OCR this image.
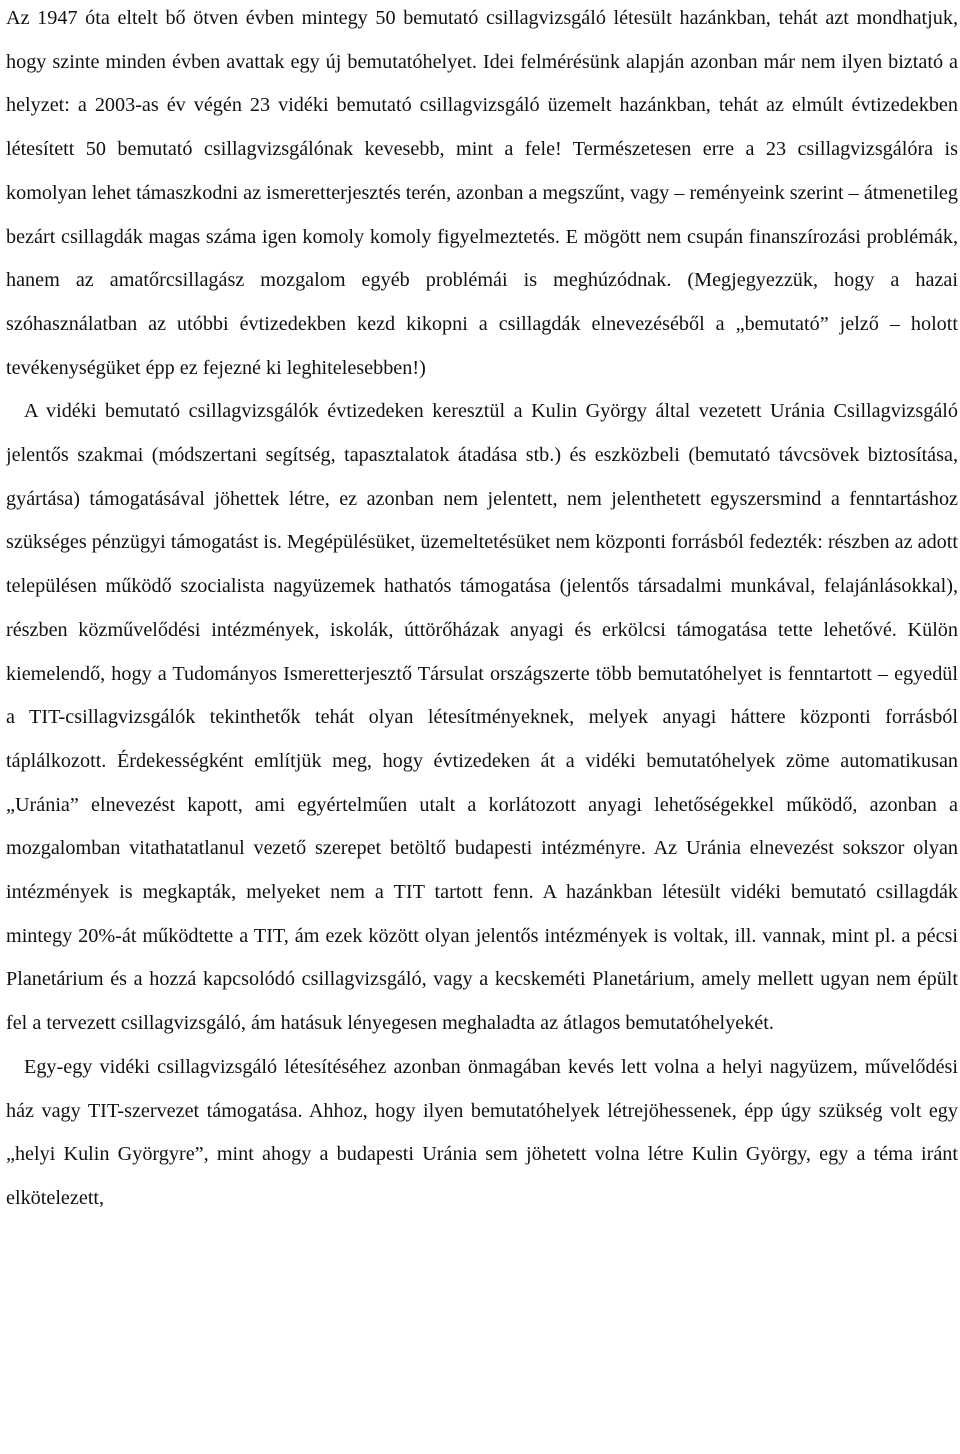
Az 1947 óta eltelt bő ötven évben mintegy 50 bemutató csillagvizsgáló létesült hazánkban, tehát azt mondhatjuk, hogy szinte minden évben avattak egy új bemutatóhelyet. Idei felmérésünk alapján azonban már nem ilyen biztató a helyzet: a 2003-as év végén 23 vidéki bemutató csillagvizsgáló üzemelt hazánkban, tehát az elmúlt évtizedekben létesített 50 bemutató csillagvizsgálónak kevesebb, mint a fele! Természetesen erre a 23 csillagvizsgálóra is komolyan lehet támaszkodni az ismeretterjesztés terén, azonban a megszűnt, vagy – reményeink szerint – átmenetileg bezárt csillagdák magas száma igen komoly komoly figyelmeztetés. E mögött nem csupán finanszírozási problémák, hanem az amatőrcsillagász mozgalom egyéb problémái is meghúzódnak. (Megjegyezzük, hogy a hazai szóhasználatban az utóbbi évtizedekben kezd kikopni a csillagdák elnevezéséből a „bemutató” jelző – holott tevékenységüket épp ez fejezné ki leghitelesebben!)

A vidéki bemutató csillagvizsgálók évtizedeken keresztül a Kulin György által vezetett Uránia Csillagvizsgáló jelentős szakmai (módszertani segítség, tapasztalatok átadása stb.) és eszközbeli (bemutató távcsövek biztosítása, gyártása) támogatásával jöhettek létre, ez azonban nem jelentett, nem jelenthetett egyszersmind a fenntartáshoz szükséges pénzügyi támogatást is. Megépülésüket, üzemeltetésüket nem központi forrásból fedezték: részben az adott településen működő szocialista nagyüzemek hathatós támogatása (jelentős társadalmi munkával, felajánlásokkal), részben közművelődési intézmények, iskolák, úttörőházak anyagi és erkölcsi támogatása tette lehetővé. Külön kiemelendő, hogy a Tudományos Ismeretterjesztő Társulat országszerte több bemutatóhelyet is fenntartott – egyedül a TIT-csillagvizsgálók tekinthetők tehát olyan létesítményeknek, melyek anyagi háttere központi forrásból táplálkozott. Érdekességként említjük meg, hogy évtizedeken át a vidéki bemutatóhelyek zöme automatikusan „Uránia” elnevezést kapott, ami egyértelműen utalt a korlátozott anyagi lehetőségekkel működő, azonban a mozgalomban vitathatatlanul vezető szerepet betöltő budapesti intézményre. Az Uránia elnevezést sokszor olyan intézmények is megkapták, melyeket nem a TIT tartott fenn. A hazánkban létesült vidéki bemutató csillagdák mintegy 20%-át működtette a TIT, ám ezek között olyan jelentős intézmények is voltak, ill. vannak, mint pl. a pécsi Planetárium és a hozzá kapcsolódó csillagvizsgáló, vagy a kecskeméti Planetárium, amely mellett ugyan nem épült fel a tervezett csillagvizsgáló, ám hatásuk lényegesen meghaladta az átlagos bemutatóhelyekét.

Egy-egy vidéki csillagvizsgáló létesítéséhez azonban önmagában kevés lett volna a helyi nagyüzem, művelődési ház vagy TIT-szervezet támogatása. Ahhoz, hogy ilyen bemutatóhelyek létrejöhessenek, épp úgy szükség volt egy „helyi Kulin Györgyre”, mint ahogy a budapesti Uránia sem jöhetett volna létre Kulin György, egy a téma iránt elkötelezett,
